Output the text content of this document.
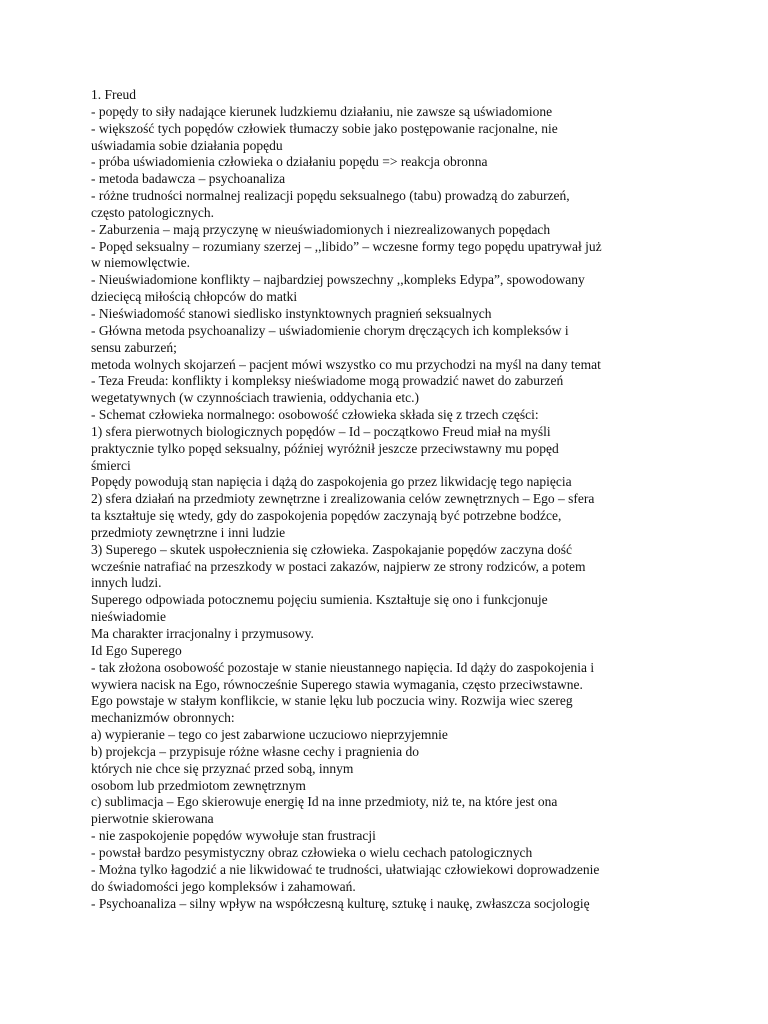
1. Freud
- popędy to siły nadające kierunek ludzkiemu działaniu, nie zawsze są uświadomione
- większość tych popędów człowiek tłumaczy sobie jako postępowanie racjonalne, nie
uświadamia sobie działania popędu
- próba uświadomienia człowieka o działaniu popędu => reakcja obronna
- metoda badawcza – psychoanaliza
- różne trudności normalnej realizacji popędu seksualnego (tabu) prowadzą do zaburzeń,
często patologicznych.
- Zaburzenia – mają przyczynę w nieuświadomionych i niezrealizowanych popędach
- Popęd seksualny – rozumiany szerzej – ,,libido” – wczesne formy tego popędu upatrywał już
w niemowlęctwie.
- Nieuświadomione konflikty – najbardziej powszechny ,,kompleks Edypa”, spowodowany
dziecięcą miłością chłopców do matki
- Nieświadomość stanowi siedlisko instynktownych pragnień seksualnych
- Główna metoda psychoanalizy – uświadomienie chorym dręczących ich kompleksów i
sensu zaburzeń;
metoda wolnych skojarzeń – pacjent mówi wszystko co mu przychodzi na myśl na dany temat
- Teza Freuda: konflikty i kompleksy nieświadome mogą prowadzić nawet do zaburzeń
wegetatywnych (w czynnościach trawienia, oddychania etc.)
- Schemat człowieka normalnego: osobowość człowieka składa się z trzech części:
1) sfera pierwotnych biologicznych popędów – Id – początkowo Freud miał na myśli
praktycznie tylko popęd seksualny, później wyróżnił jeszcze przeciwstawny mu popęd
śmierci
Popędy powodują stan napięcia i dążą do zaspokojenia go przez likwidację tego napięcia
2) sfera działań na przedmioty zewnętrzne i zrealizowania celów zewnętrznych – Ego – sfera
ta kształtuje się wtedy, gdy do zaspokojenia popędów zaczynają być potrzebne bodźce,
przedmioty zewnętrzne i inni ludzie
3) Superego – skutek uspołecznienia się człowieka. Zaspokajanie popędów zaczyna dość
wcześnie natrafiać na przeszkody w postaci zakazów, najpierw ze strony rodziców, a potem
innych ludzi.
Superego odpowiada potocznemu pojęciu sumienia. Kształtuje się ono i funkcjonuje
nieświadomie
Ma charakter irracjonalny i przymusowy.
Id Ego Superego
- tak złożona osobowość pozostaje w stanie nieustannego napięcia. Id dąży do zaspokojenia i
wywiera nacisk na Ego, równocześnie Superego stawia wymagania, często przeciwstawne.
Ego powstaje w stałym konflikcie, w stanie lęku lub poczucia winy. Rozwija wiec szereg
mechanizmów obronnych:
a) wypieranie – tego co jest zabarwione uczuciowo nieprzyjemnie
b) projekcja – przypisuje różne własne cechy i pragnienia do
których nie chce się przyznać przed sobą, innym
osobom lub przedmiotom zewnętrznym
c) sublimacja – Ego skierowuje energię Id na inne przedmioty, niż te, na które jest ona
pierwotnie skierowana
- nie zaspokojenie popędów wywołuje stan frustracji
- powstał bardzo pesymistyczny obraz człowieka o wielu cechach patologicznych
- Można tylko łagodzić a nie likwidować te trudności, ułatwiając człowiekowi doprowadzenie
do świadomości jego kompleksów i zahamowań.
- Psychoanaliza – silny wpływ na współczesną kulturę, sztukę i naukę, zwłaszcza socjologię
